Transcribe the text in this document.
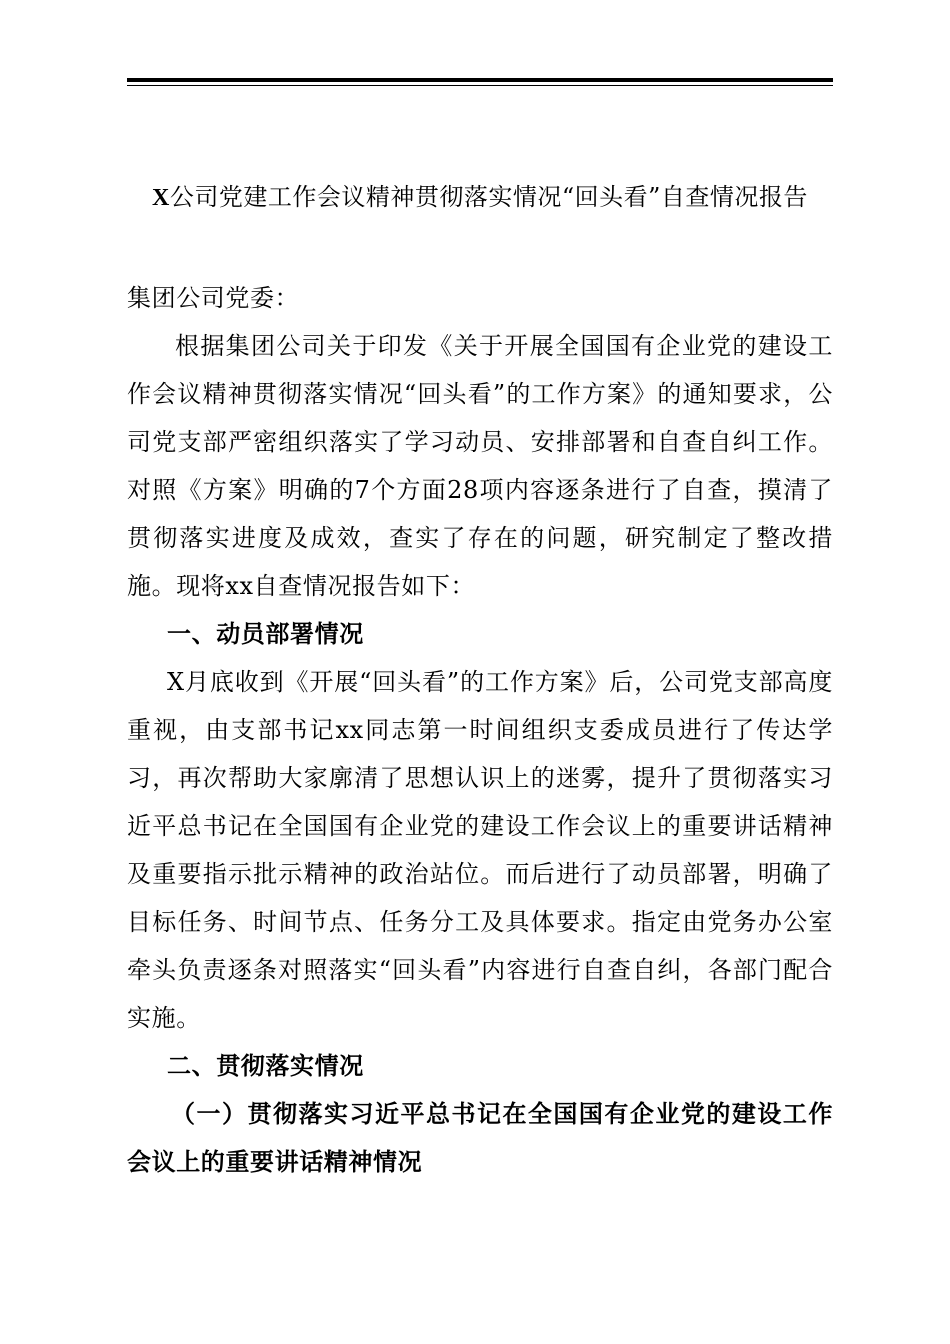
X公司党建工作会议精神贯彻落实情况“回头看”自查情况报告
集团公司党委：
根据集团公司关于印发《关于开展全国国有企业党的建设工作会议精神贯彻落实情况“回头看”的工作方案》的通知要求，公司党支部严密组织落实了学习动员、安排部署和自查自纠工作。对照《方案》明确的7个方面28项内容逐条进行了自查，摸清了贯彻落实进度及成效，查实了存在的问题，研究制定了整改措施。现将xx自查情况报告如下：
一、动员部署情况
X月底收到《开展“回头看”的工作方案》后，公司党支部高度重视，由支部书记xx同志第一时间组织支委成员进行了传达学习，再次帮助大家廓清了思想认识上的迷雾，提升了贯彻落实习近平总书记在全国国有企业党的建设工作会议上的重要讲话精神及重要指示批示精神的政治站位。而后进行了动员部署，明确了目标任务、时间节点、任务分工及具体要求。指定由党务办公室牵头负责逐条对照落实“回头看”内容进行自查自纠，各部门配合实施。
二、贯彻落实情况
（一）贯彻落实习近平总书记在全国国有企业党的建设工作会议上的重要讲话精神情况
